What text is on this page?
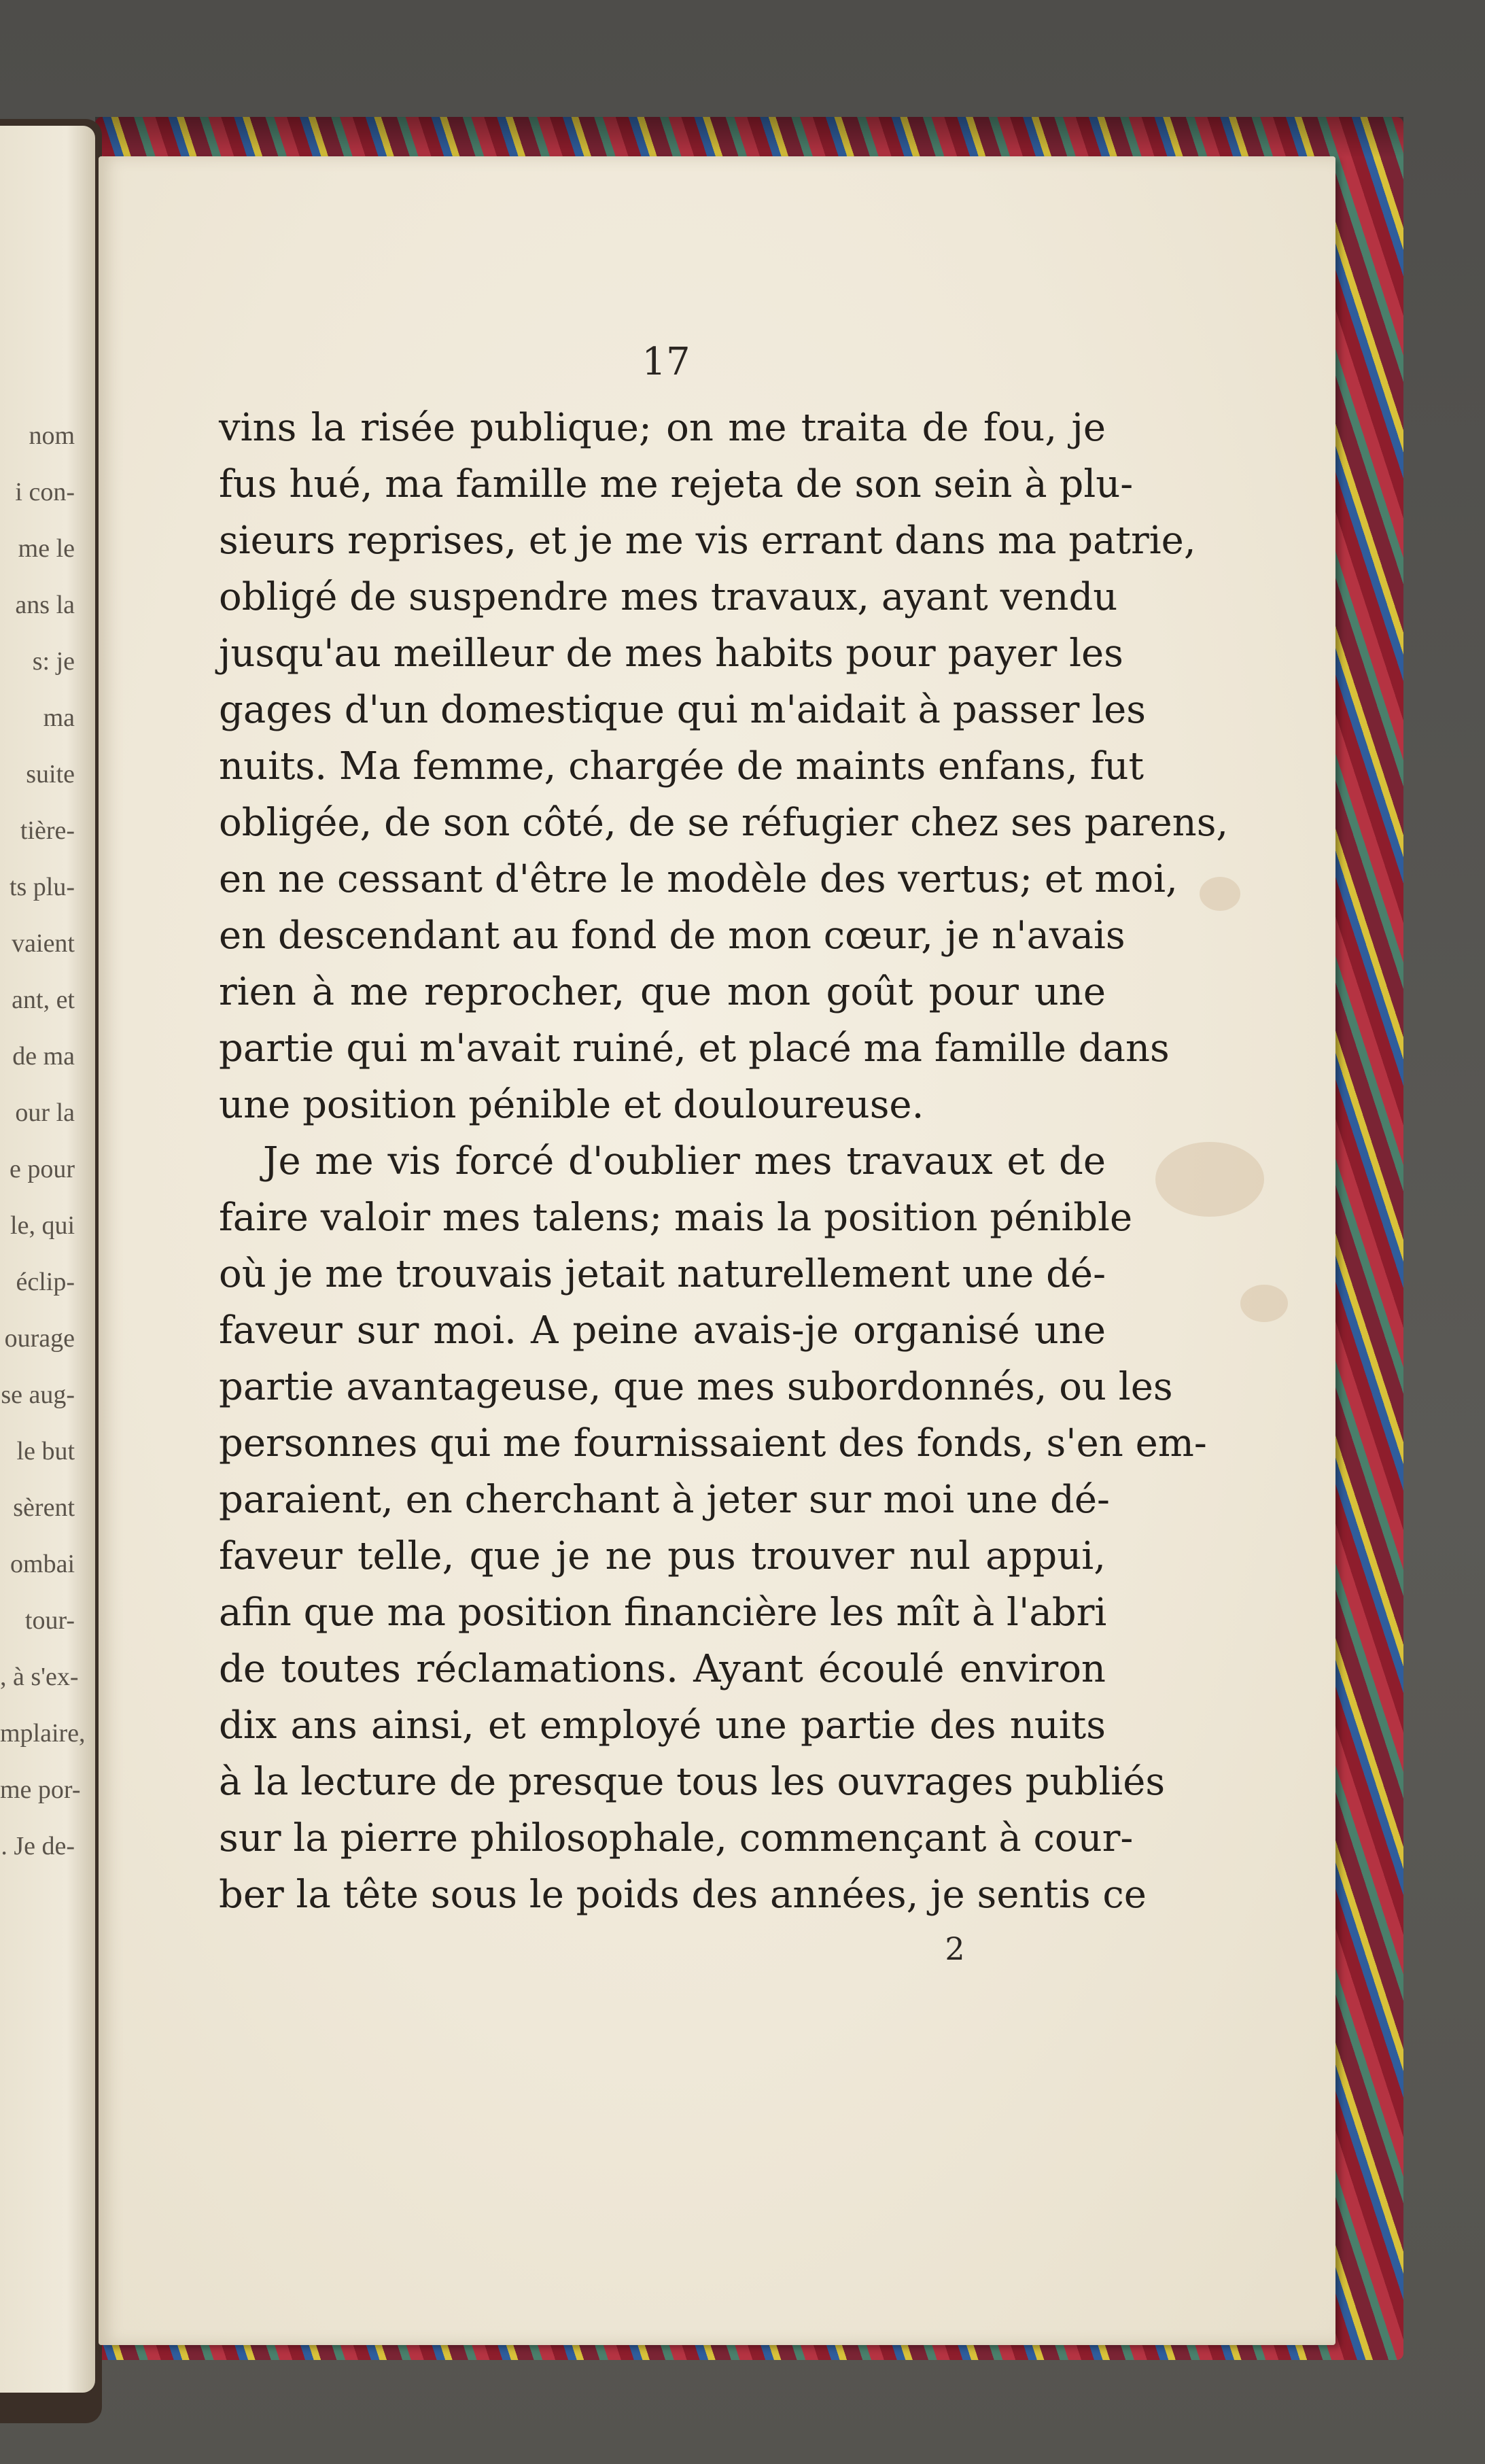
nom
i con-
me le
ans la
s: je
ma
suite
tière-
ts plu-
vaient
ant, et
de ma
our la
e pour
le, qui
éclip-
ourage
se aug-
le but
sèrent
ombai
tour-
, à s'ex-
mplaire,
me por-
. Je de-
17
vins la risée publique; on me traita de fou, je
fus hué, ma famille me rejeta de son sein à plu-
sieurs reprises, et je me vis errant dans ma patrie,
obligé de suspendre mes travaux, ayant vendu
jusqu'au meilleur de mes habits pour payer les
gages d'un domestique qui m'aidait à passer les
nuits. Ma femme, chargée de maints enfans, fut
obligée, de son côté, de se réfugier chez ses parens,
en ne cessant d'être le modèle des vertus; et moi,
en descendant au fond de mon cœur, je n'avais
rien à me reprocher, que mon goût pour une
partie qui m'avait ruiné, et placé ma famille dans
une position pénible et douloureuse.
Je me vis forcé d'oublier mes travaux et de
faire valoir mes talens; mais la position pénible
où je me trouvais jetait naturellement une dé-
faveur sur moi. A peine avais-je organisé une
partie avantageuse, que mes subordonnés, ou les
personnes qui me fournissaient des fonds, s'en em-
paraient, en cherchant à jeter sur moi une dé-
faveur telle, que je ne pus trouver nul appui,
afin que ma position financière les mît à l'abri
de toutes réclamations. Ayant écoulé environ
dix ans ainsi, et employé une partie des nuits
à la lecture de presque tous les ouvrages publiés
sur la pierre philosophale, commençant à cour-
ber la tête sous le poids des années, je sentis ce
2
